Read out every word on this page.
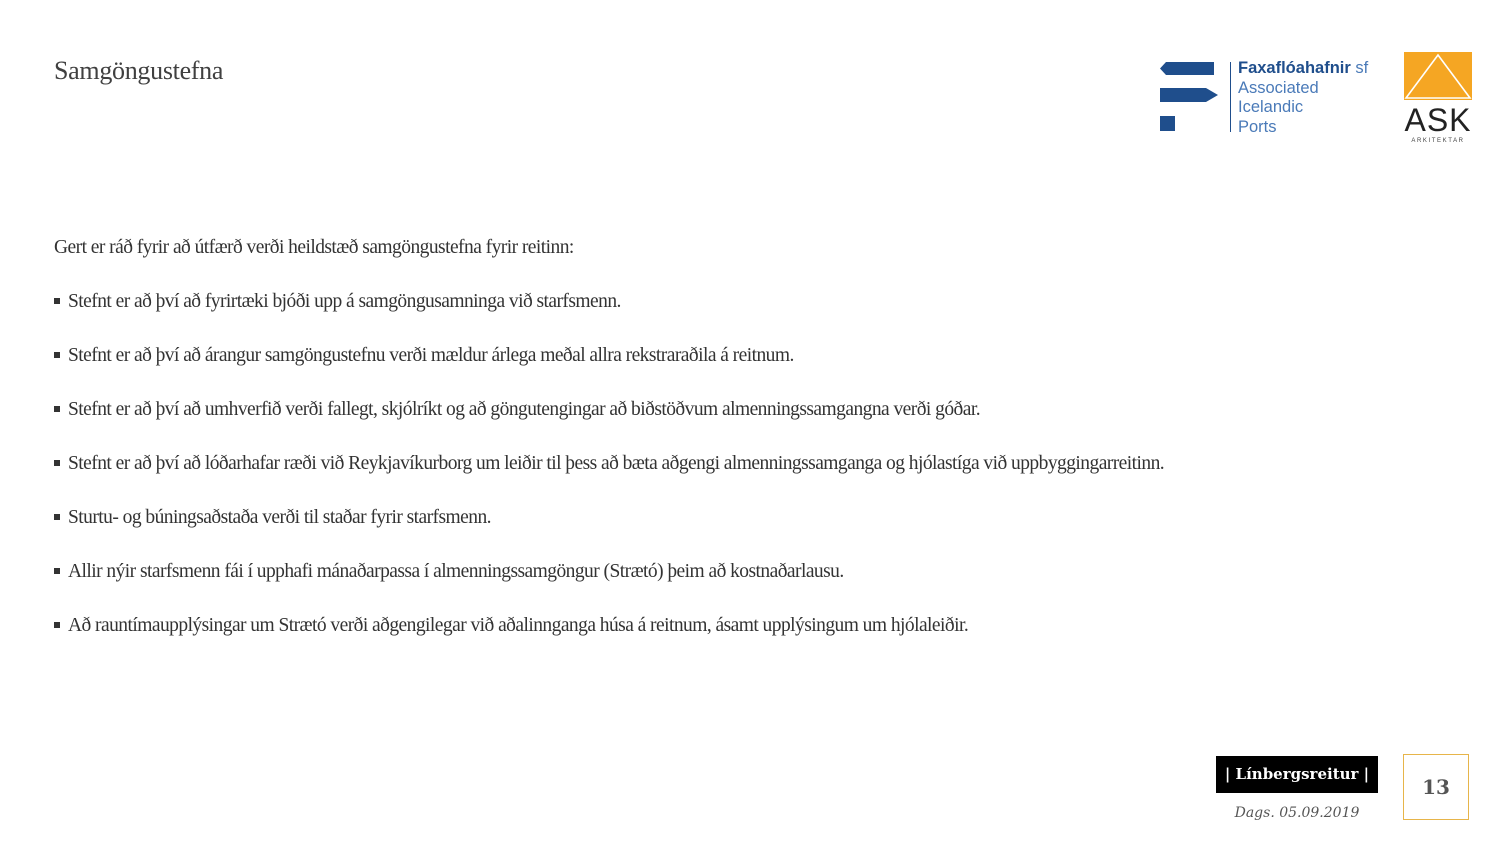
Samgöngustefna	Faxaflóahafnir sf
Associated
Icelandic
Ports	ASK
ARKITEKTAR

Gert er ráð fyrir að útfærð verði heildstæð samgöngustefna fyrir reitinn:

Stefnt er að því að fyrirtæki bjóði upp á samgöngusamninga við starfsmenn.
Stefnt er að því að árangur samgöngustefnu verði mældur árlega meðal allra rekstraraðila á reitnum.
Stefnt er að því að umhverfið verði fallegt, skjólríkt og að göngutengingar að biðstöðvum almenningssamgangna verði góðar.
Stefnt er að því að lóðarhafar ræði við Reykjavíkurborg um leiðir til þess að bæta aðgengi almenningssamganga og hjólastíga við uppbyggingarreitinn.
Sturtu- og búningsaðstaða verði til staðar fyrir starfsmenn.
Allir nýir starfsmenn fái í upphafi mánaðarpassa í almenningssamgöngur (Strætó) þeim að kostnaðarlausu.
Að rauntímaupplýsingar um Strætó verði aðgengilegar við aðalinnganga húsa á reitnum, ásamt upplýsingum um hjólaleiðir.
| Línbergsreitur |
Dags. 05.09.2019
13
